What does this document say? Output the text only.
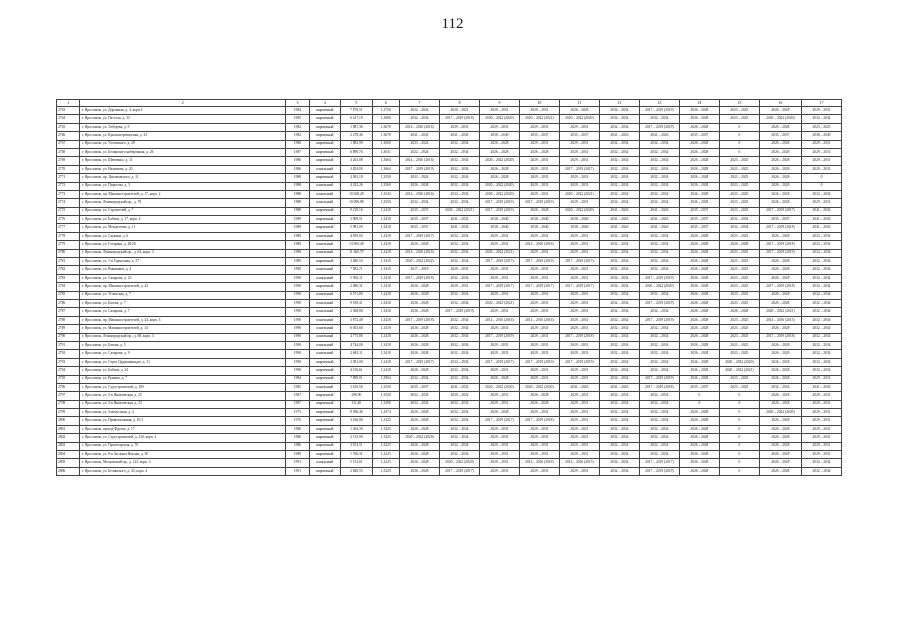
112
1	2	3	4	5	6	7	8	9	10	11	12	13	14	15	16	17
2763	г. Ярославль, ул. Дорожная, д. 4, корп.3	1984	кирпичный	7 878,51	1,3750	2022 – 2024	2020 – 2021	2029 – 2031	2029 – 2031	2026 – 2028	2032 – 2034	2017 – 2019 (2019)	2026 – 2028	2023 – 2025	2026 – 2028	2029 – 2031
2764	г. Ярославль, ул. Пестеля, д. 33	1985	кирпичный	6 417,10	1,3680	2032 – 2034	2017 – 2019 (2018)	2020 – 2022 (2020)	2020 – 2022 (2021)	2020 – 2022 (2020)	2032 – 2034	2032 – 2034	2026 – 2028	2023 – 2025	2020 – 2022 (2020)	2032 – 2034
2765	г. Ярославль, ул. Лебедева, д. 9	1982	кирпичный	1 887,36	1,3678	2014 – 2016 (2016)	2029 – 2031	2029 – 2031	2029 – 2031	2029 – 2031	2032 – 2034	2017 – 2019 (2019)	2026 – 2028	0	2026 – 2028	2023 – 2025
2766	г. Ярославль, ул. Красноперекопская, д. 32	1982	кирпичный	2 278,46	1,3678	2041 – 2043	2041 – 2043	2038 – 2040	2035 – 2037	2035 – 2037	2041 – 2043	2041 – 2043	2035 – 2037	0	2035 – 2037	2038 – 2040
2767	г. Ярославль, ул. Ухтомского, д. 28	1986	кирпичный	1 882,99	1,3600	2023 – 2024	2032 – 2034	2026 – 2028	2029 – 2031	2029 – 2031	2032 – 2034	2032 – 2034	2026 – 2028	0	2026 – 2028	2029 – 2031
2768	г. Ярославль, ул. Белинского набережная, д. 26	1987	кирпичный	6 890,76	1,3631	2022 – 2024	2032 – 2034	2026 – 2028	2026 – 2028	2029 – 2031	2032 – 2034	2032 – 2034	2026 – 2028	0	2026 – 2028	2029 – 2031
2769	г. Ярославль, ул. Шевченко, д. 11	1986	кирпичный	4 263,08	1,3664	2014 – 2016 (2016)	2032 – 2034	2020 – 2022 (2020)	2029 – 2031	2029 – 2031	2032 – 2034	2032 – 2034	2026 – 2028	2023 – 2025	2026 – 2028	2029 – 2031
2770	г. Ярославль, ул. Нахимова, д. 20	1986	панельный	3 854,00	1,3664	2017 – 2019 (2019)	2032 – 2034	2026 – 2028	2029 – 2031	2017 – 2019 (2017)	2032 – 2034	2032 – 2034	2026 – 2028	2023 – 2025	2026 – 2028	2029 – 2031
2771	г. Ярославль, пр. Циолковского, д. 11	1988	кирпичный	4 583,18	1,3550	2023 – 2024	2032 – 2034	2026 – 2028	2029 – 2031	2029 – 2031	2032 – 2034	2032 – 2034	2026 – 2028	2023 – 2025	2026 – 2028	0
2772	г. Ярославль, ул. Пирогова, д. 3	1988	панельный	4 322,26	1,3560	2026 – 2028	2032 – 2034	2020 – 2022 (2020)	2029 – 2031	2029 – 2031	2032 – 2034	2032 – 2034	2026 – 2028	2023 – 2025	2026 – 2028	0
2773	г. Ярославль, пр. Машиностроителей, д. 17, корп. 2	1988	панельный	10 368,28	1,3543	2014 – 2016 (2016)	2032 – 2034	2020 – 2022 (2020)	2029 – 2031	2020 – 2022 (2021)	2032 – 2034	2032 – 2034	2026 – 2028	2023 – 2025	2026 – 2028	2032 – 2034
2774	г. Ярославль, Ленинградский пр., д. 78	1988	панельный	10 096,88	1,3550	2032 – 2034	2032 – 2034	2017 – 2019 (2019)	2017 – 2019 (2019)	2029 – 2031	2032 – 2034	2032 – 2034	2026 – 2028	2023 – 2025	2026 – 2028	2029 – 2031
2775	г. Ярославль, ул. Строителей, д. 7	1988	кирпичный	9 219,16	1,3418	2035 – 2037	2020 – 2022 (2021)	2017 – 2019 (2019)	2026 – 2028	2020 – 2022 (2020)	2041 – 2043	2041 – 2043	2035 – 2037	2023 – 2025	2017 – 2019 (2017)	2041 – 2043
2776	г. Ярославль, ул. Бабича, д. 17, корп. 4	1989	кирпичный	3 969,51	1,3418	2035 – 2037	2041 – 2043	2038 – 2040	2038 – 2040	2038 – 2040	2041 – 2043	2041 – 2043	2035 – 2037	2032 – 2034	2035 – 2037	2041 – 2043
2777	г. Ярославль, ул. Менделеева, д. 11	1989	кирпичный	5 981,00	1,3418	2035 – 2037	2041 – 2043	2038 – 2040	2038 – 2040	2038 – 2040	2041 – 2043	2041 – 2043	2035 – 2037	2032 – 2034	2017 – 2019 (2018)	2041 – 2043
2778	г. Ярославль, ул. Саукина, д. 6	1989	панельный	4 839,60	1,3418	2017 – 2019 (2017)	2032 – 2034	2029 – 2031	2029 – 2031	2029 – 2031	2032 – 2034	2032 – 2034	2026 – 2028	2023 – 2025	2026 – 2028	2032 – 2034
2779	г. Ярославль, ул. Гагарина, д. 28/20	1989	панельный	13 965,49	1,3418	2026 – 2028	2032 – 2034	2029 – 2031	2014 – 2016 (2016)	2029 – 2031	2032 – 2034	2032 – 2034	2026 – 2028	2026 – 2028	2017 – 2019 (2018)	2032 – 2034
2780	г. Ярославль, Ленинградский пр., д. 64, корп. 3	1989	панельный	11 660,79	1,3418	2014 – 2016 (2016)	2032 – 2034	2020 – 2022 (2021)	2029 – 2031	2029 – 2031	2032 – 2034	2032 – 2034	2026 – 2028	2023 – 2025	2017 – 2019 (2019)	2032 – 2034
2781	г. Ярославль, ул. 1-я Тормозная, д. 37	1989	кирпичный	3 480,53	1,3418	2020 – 2022 (2022)	2032 – 2034	2017 – 2019 (2017)	2017 – 2019 (2019)	2017 – 2019 (2017)	2032 – 2034	2032 – 2034	2026 – 2028	2023 – 2025	2026 – 2028	2032 – 2034
2782	г. Ярославль, ул. Вишняков, д. 4	1990	панельный	7 582,71	1,3418	2017 – 2019	2029 – 2031	2029 – 2031	2029 – 2031	2029 – 2031	2032 – 2034	2032 – 2034	2026 – 2028	2023 – 2025	2026 – 2028	2032 – 2034
2783	г. Ярославль, ул. Сахарова, д. 23	1990	панельный	5 963,11	1,3418	2017 – 2019 (2018)	2032 – 2034	2029 – 2031	2029 – 2031	2029 – 2031	2032 – 2034	2017 – 2019 (2019)	2026 – 2028	2023 – 2025	2026 – 2028	2032 – 2034
2784	г. Ярославль, пр. Машиностроителей, д. 42	1990	кирпичный	2 086,31	1,3418	2026 – 2028	2029 – 2031	2017 – 2019 (2017)	2017 – 2019 (2017)	2017 – 2019 (2017)	2032 – 2034	2020 – 2022 (2020)	2026 – 2028	2023 – 2025	2017 – 2019 (2018)	2032 – 2034
2785	г. Ярославль, ул. Угличская, д. 7	1990	панельный	6 571,80	1,3418	2026 – 2028	2032 – 2034	2029 – 2031	2029 – 2031	2029 – 2031	2032 – 2034	2032 – 2034	2026 – 2028	2023 – 2025	2026 – 2028	2032 – 2034
2786	г. Ярославль, ул. Батова, д. 7	1990	панельный	9 189,31	1,3418	2026 – 2028	2032 – 2034	2020 – 2022 (2021)	2029 – 2031	2029 – 2031	2032 – 2034	2017 – 2019 (2019)	2026 – 2028	2023 – 2025	2026 – 2028	2032 – 2034
2787	г. Ярославль, ул. Сахарова, д. 7	1990	панельный	2 568,80	1,3418	2026 – 2028	2017 – 2019 (2019)	2029 – 2031	2029 – 2031	2029 – 2031	2032 – 2034	2032 – 2034	2026 – 2028	2026 – 2028	2020 – 2022 (2021)	2032 – 2034
2788	г. Ярославль, пр. Машиностроителей, д. 24, корп. 3	1990	панельный	3 872,49	1,3418	2017 – 2019 (2018)	2032 – 2034	2014 – 2016 (2016)	2014 – 2016 (2016)	2029 – 2031	2032 – 2034	2017 – 2019 (2019)	2026 – 2028	2023 – 2025	2014 – 2016 (2015)	2032 – 2034
2789	г. Ярославль, ул. Машиностроителей, д. 14	1990	панельный	6 053,60	1,3418	2026 – 2028	2032 – 2034	2029 – 2031	2029 – 2031	2029 – 2031	2032 – 2034	2032 – 2034	2026 – 2028	2023 – 2025	2026 – 2028	2032 – 2034
2790	г. Ярославль, Ленинградский пр., д. 68, корп. 3	1990	панельный	4 775,86	1,3418	2026 – 2028	2032 – 2034	2017 – 2019 (2019)	2029 – 2031	2017 – 2019 (2018)	2032 – 2034	2032 – 2034	2026 – 2028	2023 – 2025	2017 – 2019 (2018)	2032 – 2034
2791	г. Ярославль, ул. Батова, д. 5	1990	панельный	4 744,00	1,3418	2026 – 2028	2032 – 2034	2029 – 2031	2029 – 2031	2029 – 2031	2032 – 2034	2032 – 2034	2026 – 2028	2023 – 2025	2026 – 2028	2032 – 2034
2792	г. Ярославль, ул. Сахарова, д. 9	1990	панельный	2 681,11	1,3418	2026 – 2028	2032 – 2034	2029 – 2031	2029 – 2031	2029 – 2031	2032 – 2034	2032 – 2034	2026 – 2028	2023 – 2025	2026 – 2028	2032 – 2034
2793	г. Ярославль, ул. Серго Орджоникидзе, д. 31	1990	кирпичный	2 581,00	1,3418	2017 – 2019 (2017)	2032 – 2034	2017 – 2019 (2017)	2017 – 2019 (2019)	2017 – 2019 (2019)	2032 – 2034	2032 – 2034	2026 – 2028	2020 – 2022 (2020)	2026 – 2028	2032 – 2034
2794	г. Ярославль, ул. Бабича, д. 24	1990	кирпичный	4 156,61	1,3418	2026 – 2028	2032 – 2034	2029 – 2031	2029 – 2031	2029 – 2031	2032 – 2034	2032 – 2034	2026 – 2028	2020 – 2022 (2021)	2026 – 2028	2032 – 2034
2795	г. Ярославль, ул. Рыкина, д. 7	1984	кирпичный	7 899,01	1,3964	2032 – 2034	2032 – 2034	2026 – 2028	2029 – 2031	2029 – 2031	2032 – 2034	2017 – 2019 (2019)	2026 – 2028	2023 – 2025	2026 – 2028	2029 – 2031
2796	г. Ярославль, ул. Судостроителей, д. 10б	1985	панельный	3 616,56	1,3520	2035 – 2037	2041 – 2043	2020 – 2022 (2020)	2020 – 2022 (2020)	2041 – 2043	2041 – 2043	2017 – 2019 (2018)	2035 – 2037	2023 – 2025	2032 – 2034	2041 – 2043
2797	г. Ярославль, ул. 3-я Яковлевская, д. 25	1987	кирпичный	298,90	1,3520	2032 – 2034	2020 – 2022	2029 – 2031	2026 – 2028	2029 – 2031	2032 – 2034	2032 – 2034	0	0	2026 – 2028	2029 – 2031
2798	г. Ярославль, ул. 3-я Яковлевская, д. 23	1987	кирпичный	311,40	1,3290	2032 – 2034	2032 – 2034	2029 – 2031	2026 – 2028	2029 – 2031	2032 – 2034	2032 – 2034	0	0	2026 – 2028	2029 – 2031
2799	г. Ярославль, ул. Златоустная, д. 4	1973	кирпичный	8 396,40	1,3574	2026 – 2028	2032 – 2034	2026 – 2028	2029 – 2031	2029 – 2031	2032 – 2034	2032 – 2034	2026 – 2028	0	2020 – 2022 (2020)	2029 – 2031
2800	г. Ярославль, ул. Привокзальная, д. 10/1	1976	кирпичный	3 166,06	1,3325	2026 – 2028	2032 – 2034	2017 – 2019 (2017)	2017 – 2019 (2018)	2029 – 2031	2032 – 2034	2032 – 2034	2026 – 2028	0	2026 – 2028	2029 – 2031
2801	г. Ярославль, проезд Фрунзе, д. 17	1986	кирпичный	1 364,30	1,3225	2026 – 2028	2032 – 2034	2029 – 2031	2029 – 2031	2029 – 2031	2032 – 2034	2032 – 2034	2026 – 2028	0	2026 – 2028	2029 – 2031
2802	г. Ярославль, ул. Судостроителей, д. 23б, корп. 2	1986	кирпичный	2 135,90	1,3225	2020 – 2022 (2020)	2032 – 2034	2029 – 2031	2029 – 2031	2029 – 2031	2032 – 2034	2032 – 2034	2026 – 2028	0	2026 – 2028	2029 – 2031
2803	г. Ярославль, ул. Пролетарская, д. 76	1986	кирпичный	3 674,51	1,3225	2026 – 2028	2032 – 2034	2029 – 2031	2029 – 2031	2029 – 2031	2032 – 2034	2032 – 2034	2026 – 2028	0	2026 – 2028	2029 – 2031
2804	г. Ярославль, ул. 8-я Заслоны-Ямская, д. 30	1989	кирпичный	1 766,31	1,3225	2026 – 2028	2032 – 2034	2029 – 2031	2029 – 2031	2029 – 2031	2032 – 2034	2032 – 2034	2026 – 2028	0	2026 – 2028	2029 – 2031
2805	г. Ярославль, Московский пр., д. 123, корп. 3	1991	панельный	5 152,61	1,3225	2026 – 2028	2020 – 2022 (2020)	2029 – 2031	2014 – 2016 (2016)	2014 – 2016 (2015)	2032 – 2034	2017 – 2019 (2017)	2026 – 2028	0	2026 – 2028	2032 – 2034
2806	г. Ярославль, ул. Белинского, д. 43, корп. 4	1991	кирпичный	2 848,55	1,3225	2026 – 2028	2017 – 2019 (2017)	2029 – 2031	2029 – 2031	2029 – 2031	2032 – 2034	2017 – 2019 (2019)	2026 – 2028	0	2026 – 2028	2032 – 2034
